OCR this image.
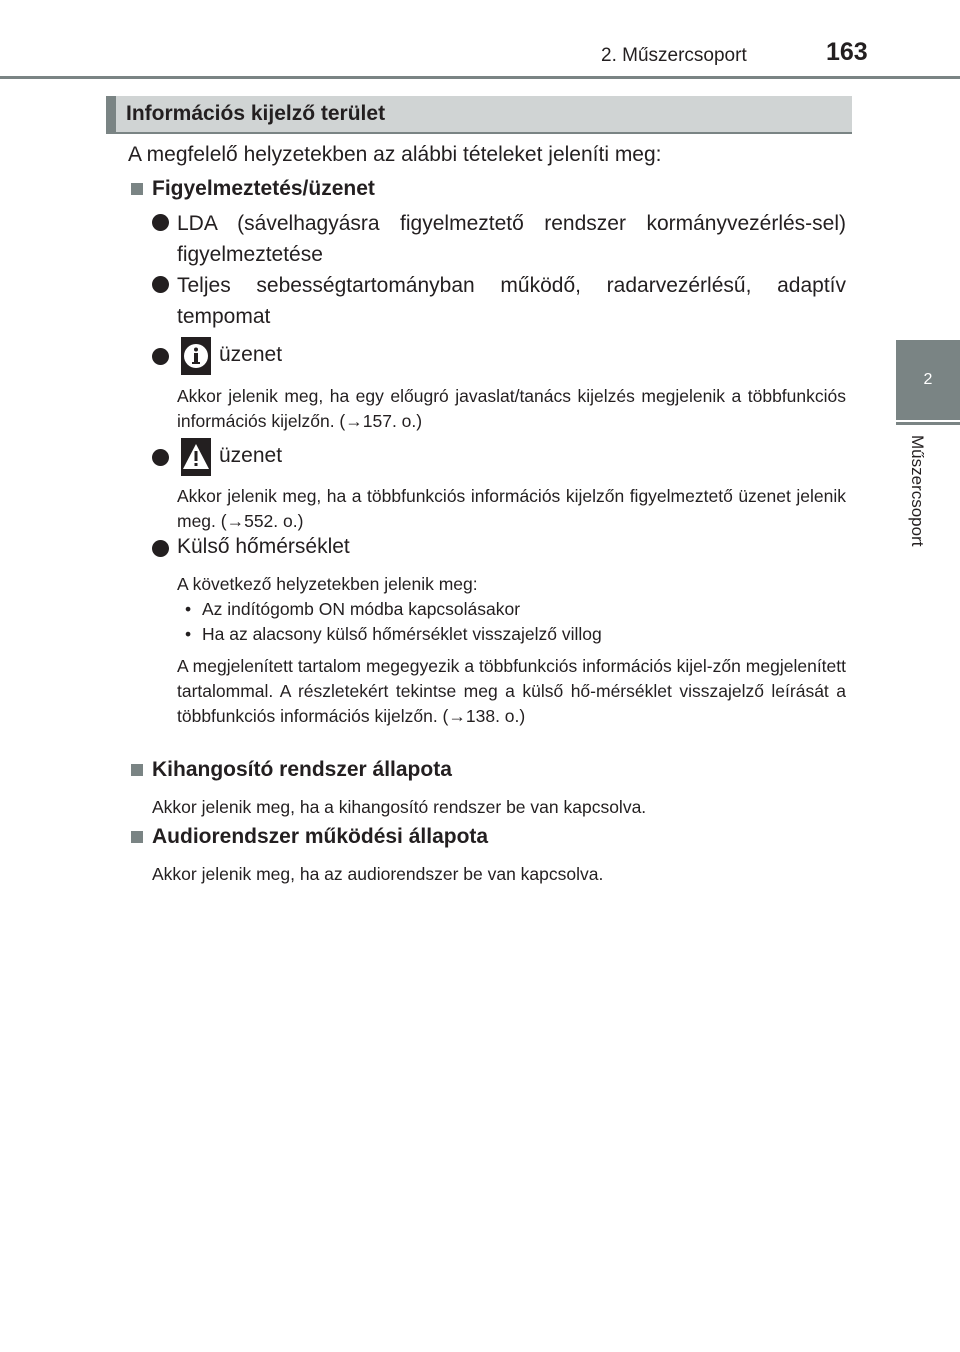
2. Műszercsoport	163
2
Műszercsoport
Információs kijelző terület
A megfelelő helyzetekben az alábbi tételeket jeleníti meg:
Figyelmeztetés/üzenet
LDA (sávelhagyásra figyelmeztető rendszer kormányvezérlés-sel) figyelmeztetése
Teljes sebességtartományban működő, radarvezérlésű, adaptív tempomat
üzenet
Akkor jelenik meg, ha egy előugró javaslat/tanács kijelzés megjelenik a többfunkciós információs kijelzőn. (→157. o.)
üzenet
Akkor jelenik meg, ha a többfunkciós információs kijelzőn figyelmeztető üzenet jelenik meg. (→552. o.)
Külső hőmérséklet
A következő helyzetekben jelenik meg:
• Az indítógomb ON módba kapcsolásakor
• Ha az alacsony külső hőmérséklet visszajelző villog
A megjelenített tartalom megegyezik a többfunkciós információs kijel-zőn megjelenített tartalommal. A részletekért tekintse meg a külső hő-mérséklet visszajelző leírását a többfunkciós információs kijelzőn. (→138. o.)
Kihangosító rendszer állapota
Akkor jelenik meg, ha a kihangosító rendszer be van kapcsolva.
Audiorendszer működési állapota
Akkor jelenik meg, ha az audiorendszer be van kapcsolva.
